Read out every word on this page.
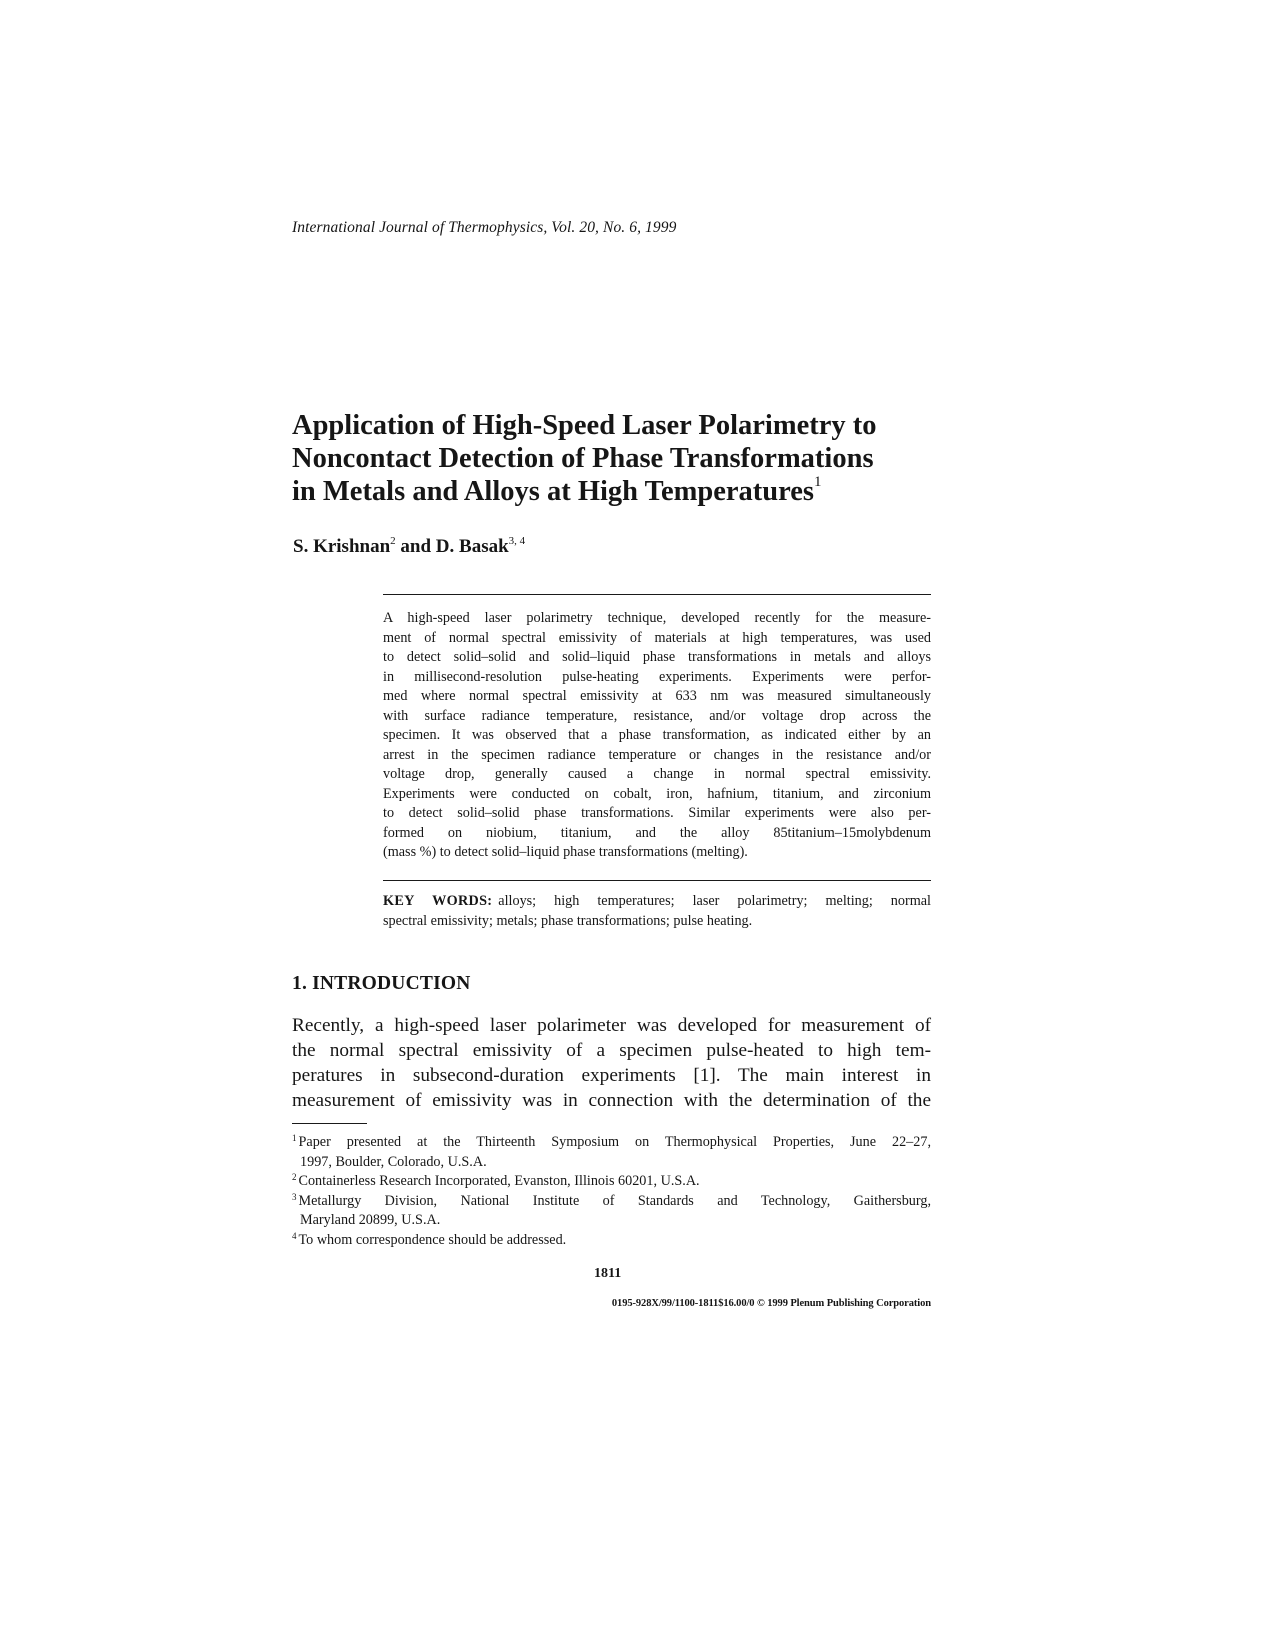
International Journal of Thermophysics, Vol. 20, No. 6, 1999
Application of High-Speed Laser Polarimetry to
Noncontact Detection of Phase Transformations
in Metals and Alloys at High Temperatures$^1$
S. Krishnan$^2$ and D. Basak$^{3, 4}$
A high-speed laser polarimetry technique, developed recently for the measure-
ment of normal spectral emissivity of materials at high temperatures, was used
to detect solid–solid and solid–liquid phase transformations in metals and alloys
in millisecond-resolution pulse-heating experiments. Experiments were perfor-
med where normal spectral emissivity at 633 nm was measured simultaneously
with surface radiance temperature, resistance, and/or voltage drop across the
specimen. It was observed that a phase transformation, as indicated either by an
arrest in the specimen radiance temperature or changes in the resistance and/or
voltage drop, generally caused a change in normal spectral emissivity.
Experiments were conducted on cobalt, iron, hafnium, titanium, and zirconium
to detect solid–solid phase transformations. Similar experiments were also per-
formed on niobium, titanium, and the alloy 85titanium–15molybdenum
(mass %) to detect solid–liquid phase transformations (melting).
KEY WORDS: alloys; high temperatures; laser polarimetry; melting; normal
spectral emissivity; metals; phase transformations; pulse heating.
1. INTRODUCTION
Recently, a high-speed laser polarimeter was developed for measurement of
the normal spectral emissivity of a specimen pulse-heated to high tem-
peratures in subsecond-duration experiments [1]. The main interest in
measurement of emissivity was in connection with the determination of the
$^1$ Paper presented at the Thirteenth Symposium on Thermophysical Properties, June 22–27,
1997, Boulder, Colorado, U.S.A.
$^2$ Containerless Research Incorporated, Evanston, Illinois 60201, U.S.A.
$^3$ Metallurgy Division, National Institute of Standards and Technology, Gaithersburg,
Maryland 20899, U.S.A.
$^4$ To whom correspondence should be addressed.
1811
0195-928X/99/1100-1811$16.00/0 © 1999 Plenum Publishing Corporation
